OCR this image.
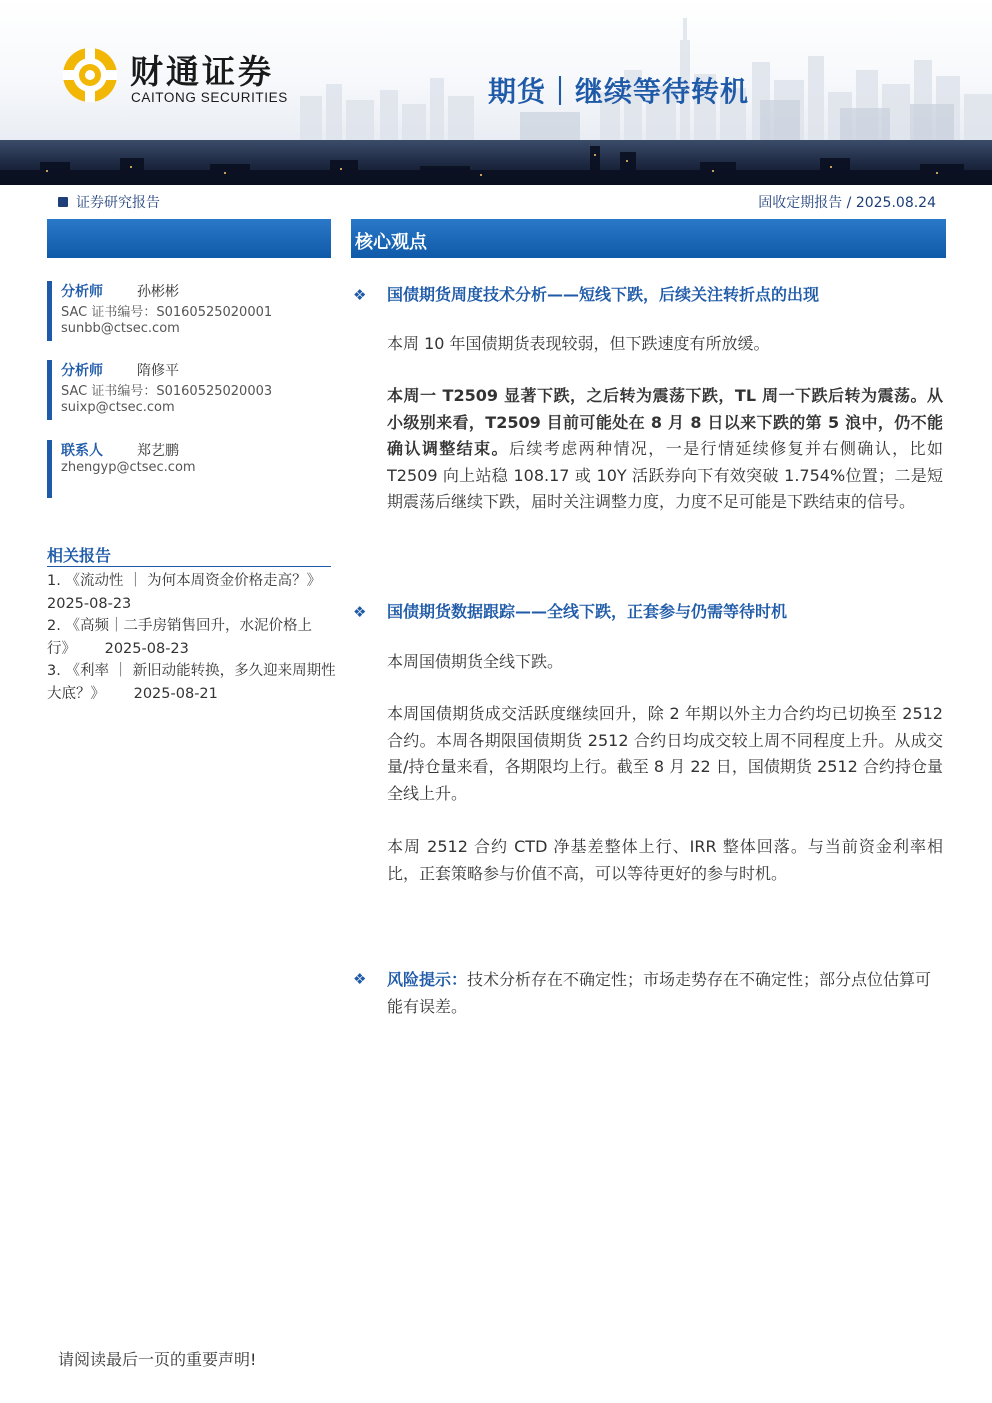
财通证券
CAITONG SECURITIES	期货｜继续等待转机
证券研究报告	固收定期报告 / 2025.08.24
核心观点
分析师 孙彬彬
SAC 证书编号：S0160525020001
sunbb@ctsec.com
分析师 隋修平
SAC 证书编号：S0160525020003
suixp@ctsec.com
联系人 郑艺鹏
zhengyp@ctsec.com
相关报告
1. 《流动性 ｜ 为何本周资金价格走高？》
2025-08-23
2. 《高频｜二手房销售回升，水泥价格上行》 2025-08-23
3. 《利率 ｜ 新旧动能转换，多久迎来周期性大底？》 2025-08-21
❖ 国债期货周度技术分析——短线下跌，后续关注转折点的出现
本周 10 年国债期货表现较弱，但下跌速度有所放缓。
本周一 T2509 显著下跌，之后转为震荡下跌，TL 周一下跌后转为震荡。从小级别来看，T2509 目前可能处在 8 月 8 日以来下跌的第 5 浪中，仍不能确认调整结束。后续考虑两种情况，一是行情延续修复并右侧确认，比如 T2509 向上站稳 108.17 或 10Y 活跃券向下有效突破 1.754%位置；二是短期震荡后继续下跌，届时关注调整力度，力度不足可能是下跌结束的信号。
❖ 国债期货数据跟踪——全线下跌，正套参与仍需等待时机
本周国债期货全线下跌。
本周国债期货成交活跃度继续回升，除 2 年期以外主力合约均已切换至 2512 合约。本周各期限国债期货 2512 合约日均成交较上周不同程度上升。从成交量/持仓量来看，各期限均上行。截至 8 月 22 日，国债期货 2512 合约持仓量全线上升。
本周 2512 合约 CTD 净基差整体上行、IRR 整体回落。与当前资金利率相比，正套策略参与价值不高，可以等待更好的参与时机。
❖ 风险提示：技术分析存在不确定性；市场走势存在不确定性；部分点位估算可能有误差。
请阅读最后一页的重要声明!
